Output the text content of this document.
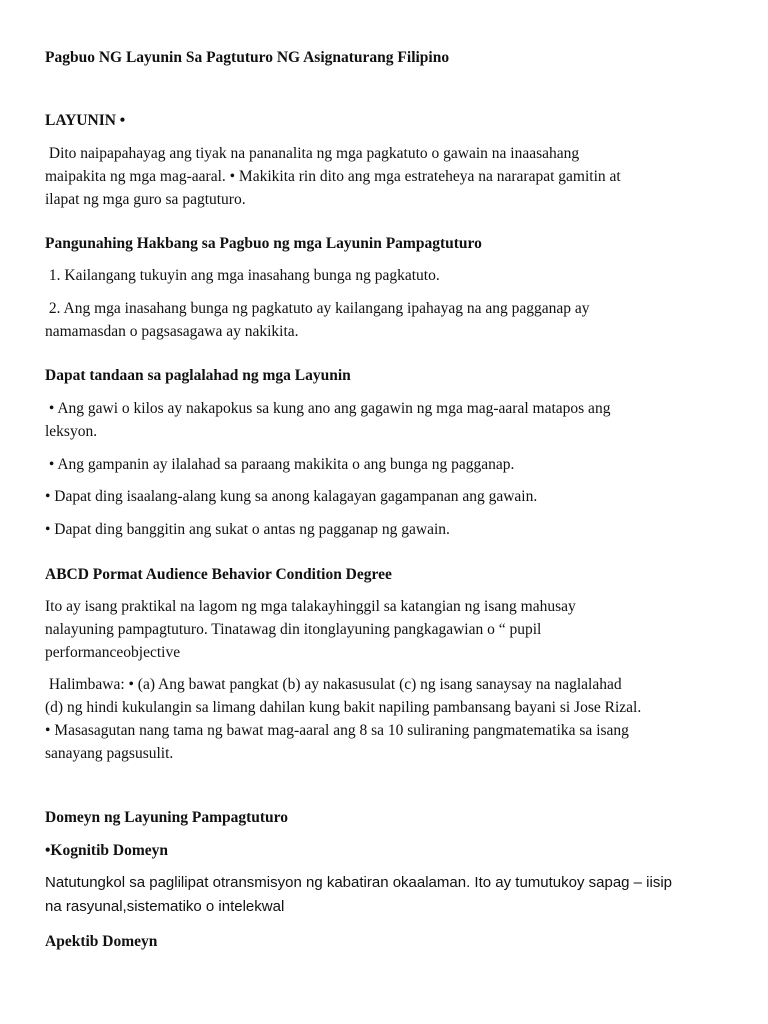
Pagbuo NG Layunin Sa Pagtuturo NG Asignaturang Filipino

LAYUNIN •

Dito naipapahayag ang tiyak na pananalita ng mga pagkatuto o gawain na inaasahang
maipakita ng mga mag-aaral. • Makikita rin dito ang mga estrateheya na nararapat gamitin at
ilapat ng mga guro sa pagtuturo.

Pangunahing Hakbang sa Pagbuo ng mga Layunin Pampagtuturo

1. Kailangang tukuyin ang mga inasahang bunga ng pagkatuto.

2. Ang mga inasahang bunga ng pagkatuto ay kailangang ipahayag na ang pagganap ay
namamasdan o pagsasagawa ay nakikita.

Dapat tandaan sa paglalahad ng mga Layunin

• Ang gawi o kilos ay nakapokus sa kung ano ang gagawin ng mga mag-aaral matapos ang
leksyon.

• Ang gampanin ay ilalahad sa paraang makikita o ang bunga ng pagganap.

• Dapat ding isaalang-alang kung sa anong kalagayan gagampanan ang gawain.

• Dapat ding banggitin ang sukat o antas ng pagganap ng gawain.

ABCD Pormat Audience Behavior Condition Degree

Ito ay isang praktikal na lagom ng mga talakayhinggil sa katangian ng isang mahusay
nalayuning pampagtuturo. Tinatawag din itonglayuning pangkagawian o “ pupil
performanceobjective

Halimbawa: • (a) Ang bawat pangkat (b) ay nakasusulat (c) ng isang sanaysay na naglalahad
(d) ng hindi kukulangin sa limang dahilan kung bakit napiling pambansang bayani si Jose Rizal.
• Masasagutan nang tama ng bawat mag-aaral ang 8 sa 10 suliraning pangmatematika sa isang
sanayang pagsusulit.

Domeyn ng Layuning Pampagtuturo

•Kognitib Domeyn

Natutungkol sa paglilipat otransmisyon ng kabatiran okaalaman. Ito ay tumutukoy sapag – iisip
na rasyunal,sistematiko o intelekwal

Apektib Domeyn
